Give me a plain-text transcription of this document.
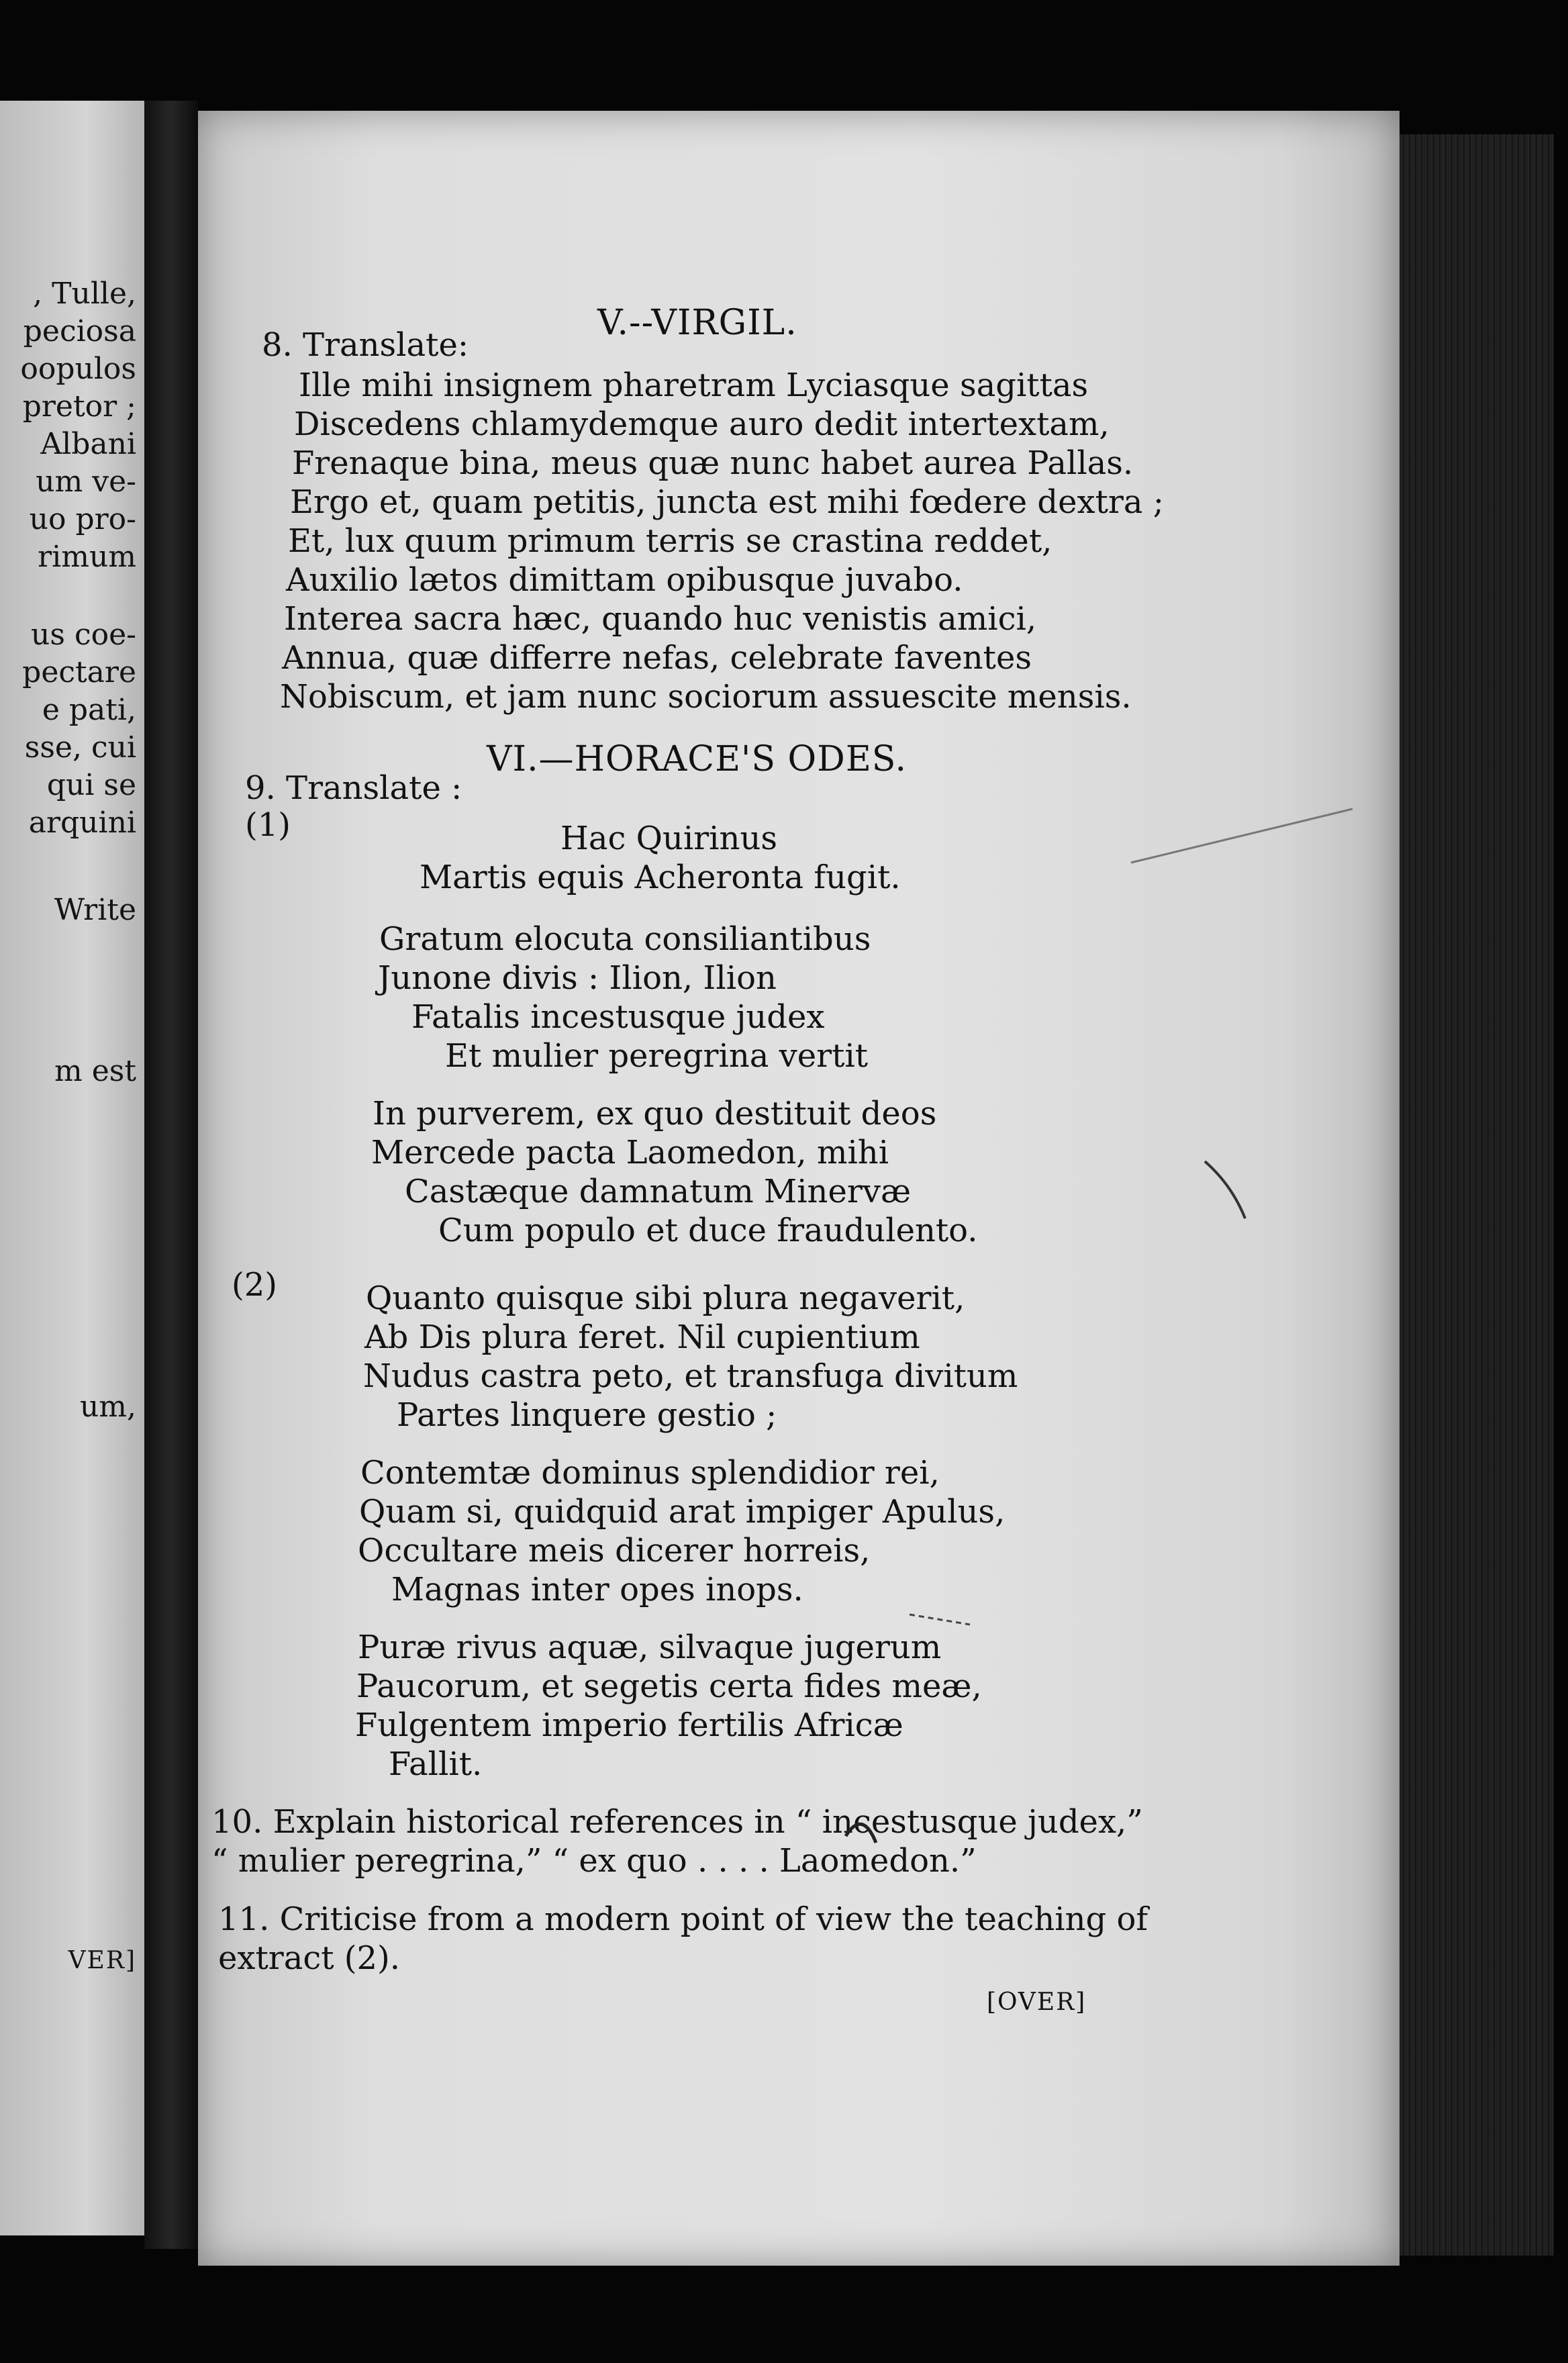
, Tulle,
peciosa
oopulos
pretor ;
Albani
um ve-
uo pro-
rimum
us coe-
pectare
e pati,
sse, cui
qui se
arquini
Write
m est
um,
VER]
V.--VIRGIL.
8. Translate:
Ille mihi insignem pharetram Lyciasque sagittas
Discedens chlamydemque auro dedit intertextam,
Frenaque bina, meus quæ nunc habet aurea Pallas.
Ergo et, quam petitis, juncta est mihi fœdere dextra ;
Et, lux quum primum terris se crastina reddet,
Auxilio lætos dimittam opibusque juvabo.
Interea sacra hæc, quando huc venistis amici,
Annua, quæ differre nefas, celebrate faventes
Nobiscum, et jam nunc sociorum assuescite mensis.
VI.—HORACE'S ODES.
9. Translate :
(1)	Hac Quirinus
Martis equis Acheronta fugit.
Gratum elocuta consiliantibus
Junone divis : Ilion, Ilion
Fatalis incestusque judex
Et mulier peregrina vertit
In purverem, ex quo destituit deos
Mercede pacta Laomedon, mihi
Castæque damnatum Minervæ
Cum populo et duce fraudulento.
(2)	Quanto quisque sibi plura negaverit,
Ab Dis plura feret. Nil cupientium
Nudus castra peto, et transfuga divitum
Partes linquere gestio ;
Contemtæ dominus splendidior rei,
Quam si, quidquid arat impiger Apulus,
Occultare meis dicerer horreis,
Magnas inter opes inops.
Puræ rivus aquæ, silvaque jugerum
Paucorum, et segetis certa fides meæ,
Fulgentem imperio fertilis Africæ
Fallit.
10. Explain historical references in “ incestusque judex,”
“ mulier peregrina,” “ ex quo . . . . Laomedon.”
11. Criticise from a modern point of view the teaching of
extract (2).
[OVER]
